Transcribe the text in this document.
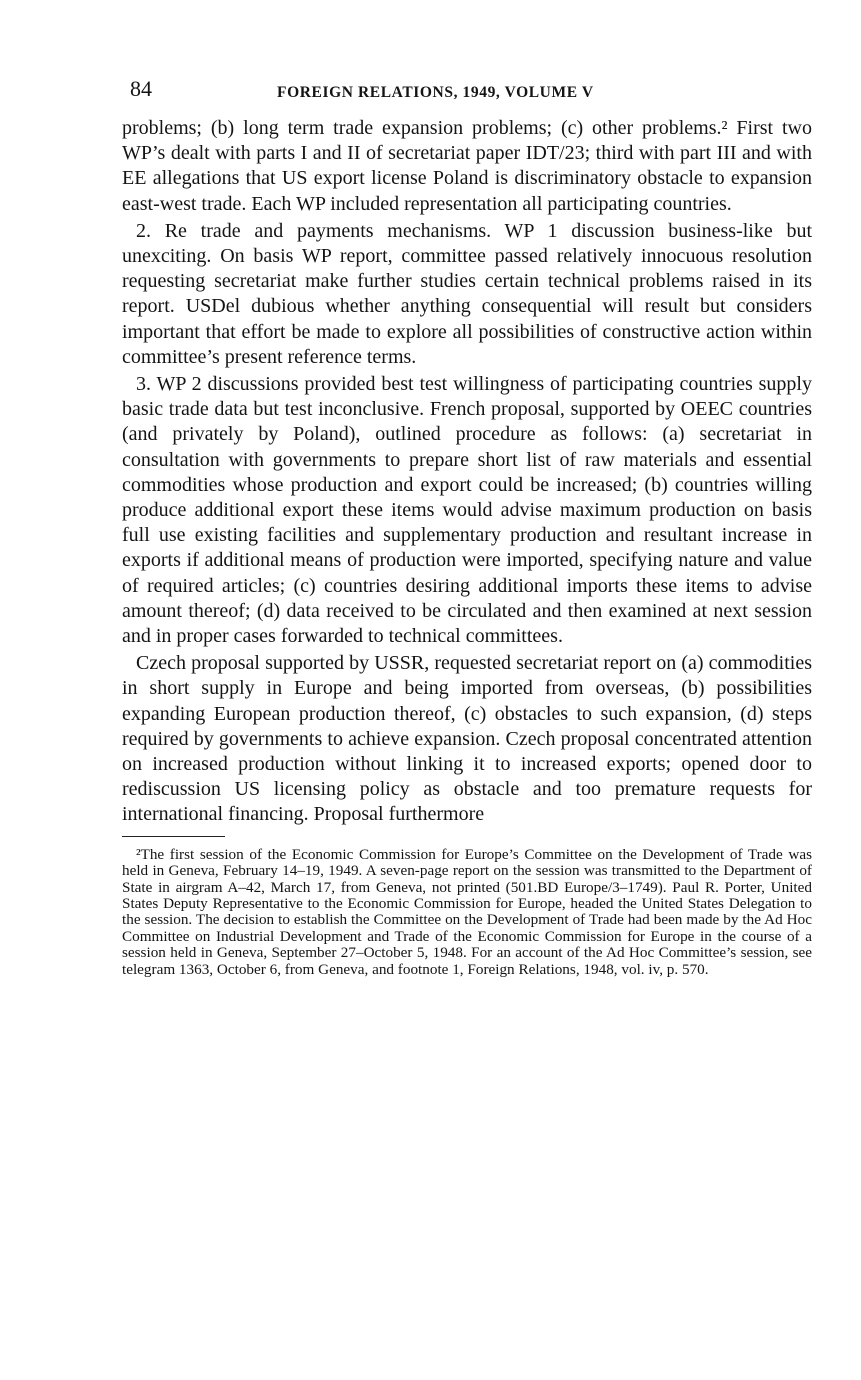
84	FOREIGN RELATIONS, 1949, VOLUME V

problems; (b) long term trade expansion problems; (c) other problems.² First two WP’s dealt with parts I and II of secretariat paper IDT/23; third with part III and with EE allegations that US export license Poland is discriminatory obstacle to expansion east-west trade. Each WP included representation all participating countries.

2. Re trade and payments mechanisms. WP 1 discussion business-like but unexciting. On basis WP report, committee passed relatively innocuous resolution requesting secretariat make further studies certain technical problems raised in its report. USDel dubious whether anything consequential will result but considers important that effort be made to explore all possibilities of constructive action within committee’s present reference terms.

3. WP 2 discussions provided best test willingness of participating countries supply basic trade data but test inconclusive. French proposal, supported by OEEC countries (and privately by Poland), outlined procedure as follows: (a) secretariat in consultation with governments to prepare short list of raw materials and essential commodities whose production and export could be increased; (b) countries willing produce additional export these items would advise maximum production on basis full use existing facilities and supplementary production and resultant increase in exports if additional means of production were imported, specifying nature and value of required articles; (c) countries desiring additional imports these items to advise amount thereof; (d) data received to be circulated and then examined at next session and in proper cases forwarded to technical committees.

Czech proposal supported by USSR, requested secretariat report on (a) commodities in short supply in Europe and being imported from overseas, (b) possibilities expanding European production thereof, (c) obstacles to such expansion, (d) steps required by governments to achieve expansion. Czech proposal concentrated attention on increased production without linking it to increased exports; opened door to rediscussion US licensing policy as obstacle and too premature requests for international financing. Proposal furthermore

²The first session of the Economic Commission for Europe’s Committee on the Development of Trade was held in Geneva, February 14–19, 1949. A seven-page report on the session was transmitted to the Department of State in airgram A–42, March 17, from Geneva, not printed (501.BD Europe/3–1749). Paul R. Porter, United States Deputy Representative to the Economic Commission for Europe, headed the United States Delegation to the session. The decision to establish the Committee on the Development of Trade had been made by the Ad Hoc Committee on Industrial Development and Trade of the Economic Commission for Europe in the course of a session held in Geneva, September 27–October 5, 1948. For an account of the Ad Hoc Committee’s session, see telegram 1363, October 6, from Geneva, and footnote 1, Foreign Relations, 1948, vol. iv, p. 570.
